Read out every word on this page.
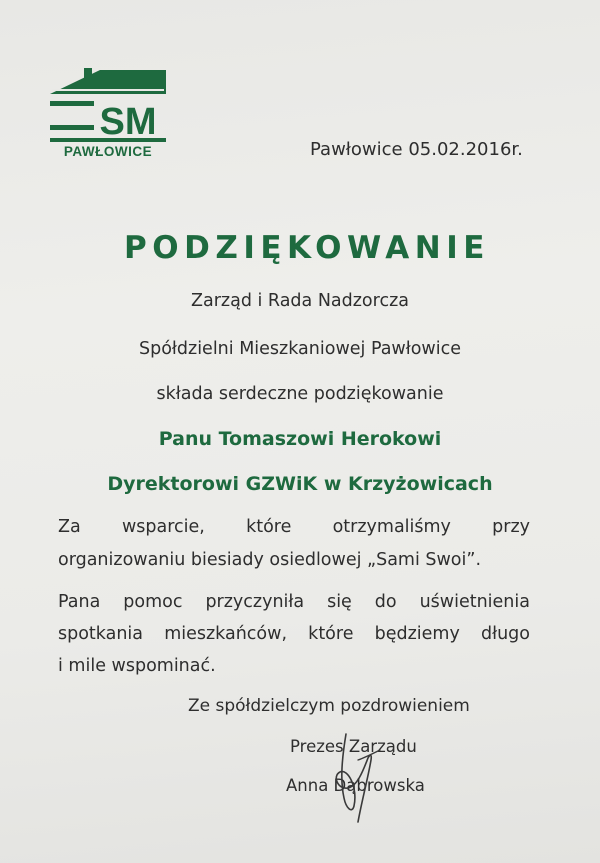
SM
PAWŁOWICE	Pawłowice 05.02.2016r.
PODZIĘKOWANIE
Zarząd i Rada Nadzorcza
Spółdzielni Mieszkaniowej Pawłowice
składa serdeczne podziękowanie
Panu Tomaszowi Herokowi
Dyrektorowi GZWiK w Krzyżowicach
Za wsparcie, które otrzymaliśmy przy
organizowaniu biesiady osiedlowej „Sami Swoi”.
Pana pomoc przyczyniła się do uświetnienia
spotkania mieszkańców, które będziemy długo
i mile wspominać.
Ze spółdzielczym pozdrowieniem
Prezes Zarządu
Anna Dąbrowska
